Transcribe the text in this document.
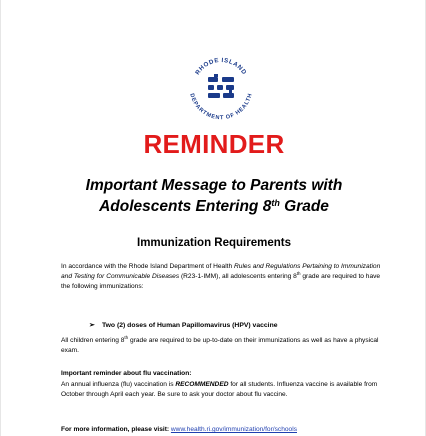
RHODE ISLAND
DEPARTMENT OF HEALTH
REMINDER
Important Message to Parents with
Adolescents Entering 8th Grade
Immunization Requirements
In accordance with the Rhode Island Department of Health Rules and Regulations Pertaining to Immunization and Testing for Communicable Diseases (R23-1-IMM), all adolescents entering 8th grade are required to have the following immunizations:
➢ Two (2) doses of Human Papillomavirus (HPV) vaccine
All children entering 8th grade are required to be up-to-date on their immunizations as well as have a physical exam.
Important reminder about flu vaccination:
An annual influenza (flu) vaccination is RECOMMENDED for all students. Influenza vaccine is available from October through April each year. Be sure to ask your doctor about flu vaccine.
For more information, please visit: www.health.ri.gov/immunization/for/schools
